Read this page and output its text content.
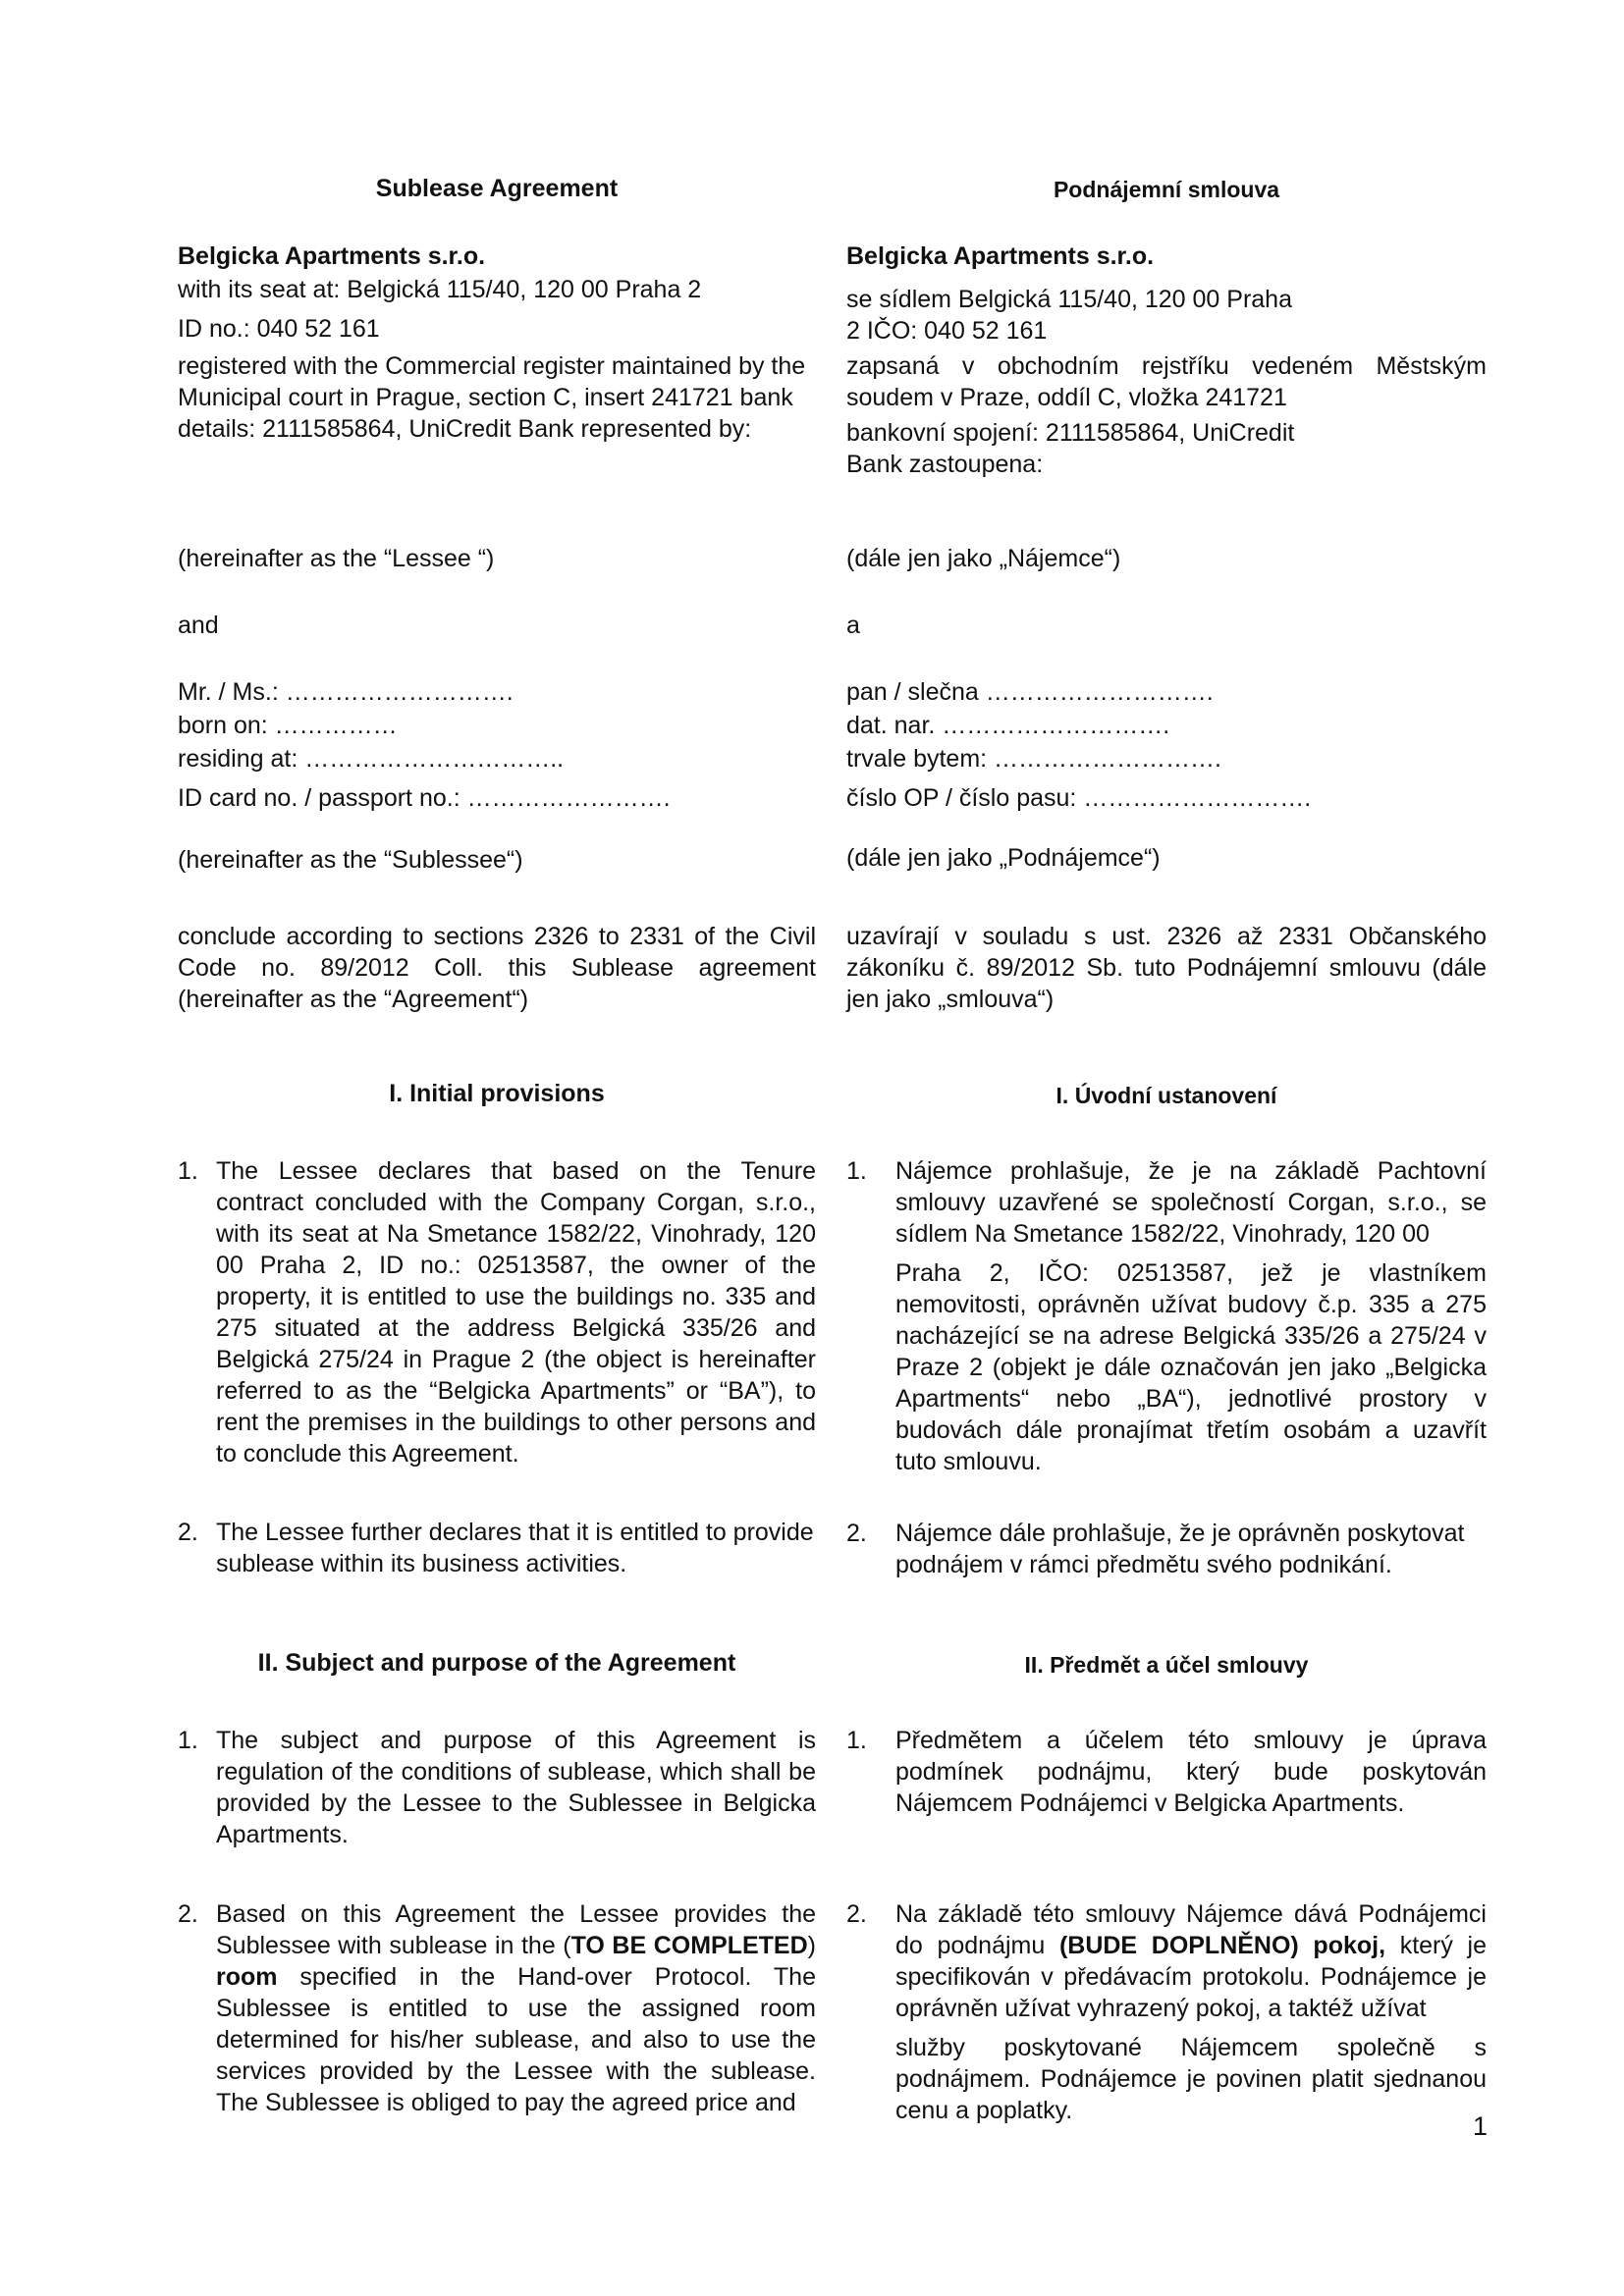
Sublease Agreement
Belgicka Apartments s.r.o.
with its seat at: Belgická 115/40, 120 00 Praha 2
ID no.: 040 52 161
registered with the Commercial register maintained by the Municipal court in Prague, section C, insert 241721 bank details: 2111585864, UniCredit Bank represented by:
(hereinafter as the “Lessee “)
and
Mr. / Ms.: ……………………….
born on: ……………
residing at: …………………………..
ID card no. / passport no.: …………………….
(hereinafter as the “Sublessee“)
conclude according to sections 2326 to 2331 of the Civil Code no. 89/2012 Coll. this Sublease agreement (hereinafter as the “Agreement“)
I. Initial provisions
1. The Lessee declares that based on the Tenure contract concluded with the Company Corgan, s.r.o., with its seat at Na Smetance 1582/22, Vinohrady, 120 00 Praha 2, ID no.: 02513587, the owner of the property, it is entitled to use the buildings no. 335 and 275 situated at the address Belgická 335/26 and Belgická 275/24 in Prague 2 (the object is hereinafter referred to as the “Belgicka Apartments” or “BA”), to rent the premises in the buildings to other persons and to conclude this Agreement.
2. The Lessee further declares that it is entitled to provide sublease within its business activities.
II. Subject and purpose of the Agreement
1. The subject and purpose of this Agreement is regulation of the conditions of sublease, which shall be provided by the Lessee to the Sublessee in Belgicka Apartments.
2. Based on this Agreement the Lessee provides the Sublessee with sublease in the (TO BE COMPLETED) room specified in the Hand-over Protocol. The Sublessee is entitled to use the assigned room determined for his/her sublease, and also to use the services provided by the Lessee with the sublease. The Sublessee is obliged to pay the agreed price and
Podnájemní smlouva
Belgicka Apartments s.r.o.
se sídlem Belgická 115/40, 120 00 Praha
2 IČO: 040 52 161
zapsaná v obchodním rejstříku vedeném Městským soudem v Praze, oddíl C, vložka 241721
bankovní spojení: 2111585864, UniCredit
Bank zastoupena:
(dále jen jako „Nájemce“)
a
pan / slečna ……………………….
dat. nar. ……………………….
trvale bytem: ……………………….
číslo OP / číslo pasu: ……………………….
(dále jen jako „Podnájemce“)
uzavírají v souladu s ust. 2326 až 2331 Občanského zákoníku č. 89/2012 Sb. tuto Podnájemní smlouvu (dále jen jako „smlouva“)
I. Úvodní ustanovení
1. Nájemce prohlašuje, že je na základě Pachtovní smlouvy uzavřené se společností Corgan, s.r.o., se sídlem Na Smetance 1582/22, Vinohrady, 120 00
Praha 2, IČO: 02513587, jež je vlastníkem nemovitosti, oprávněn užívat budovy č.p. 335 a 275 nacházející se na adrese Belgická 335/26 a 275/24 v Praze 2 (objekt je dále označován jen jako „Belgicka Apartments“ nebo „BA“), jednotlivé prostory v budovách dále pronajímat třetím osobám a uzavřít tuto smlouvu.
2. Nájemce dále prohlašuje, že je oprávněn poskytovat podnájem v rámci předmětu svého podnikání.
II. Předmět a účel smlouvy
1. Předmětem a účelem této smlouvy je úprava podmínek podnájmu, který bude poskytován Nájemcem Podnájemci v Belgicka Apartments.
2. Na základě této smlouvy Nájemce dává Podnájemci do podnájmu (BUDE DOPLNĚNO) pokoj, který je specifikován v předávacím protokolu. Podnájemce je oprávněn užívat vyhrazený pokoj, a taktéž užívat
služby poskytované Nájemcem společně s podnájmem. Podnájemce je povinen platit sjednanou cenu a poplatky.
1
